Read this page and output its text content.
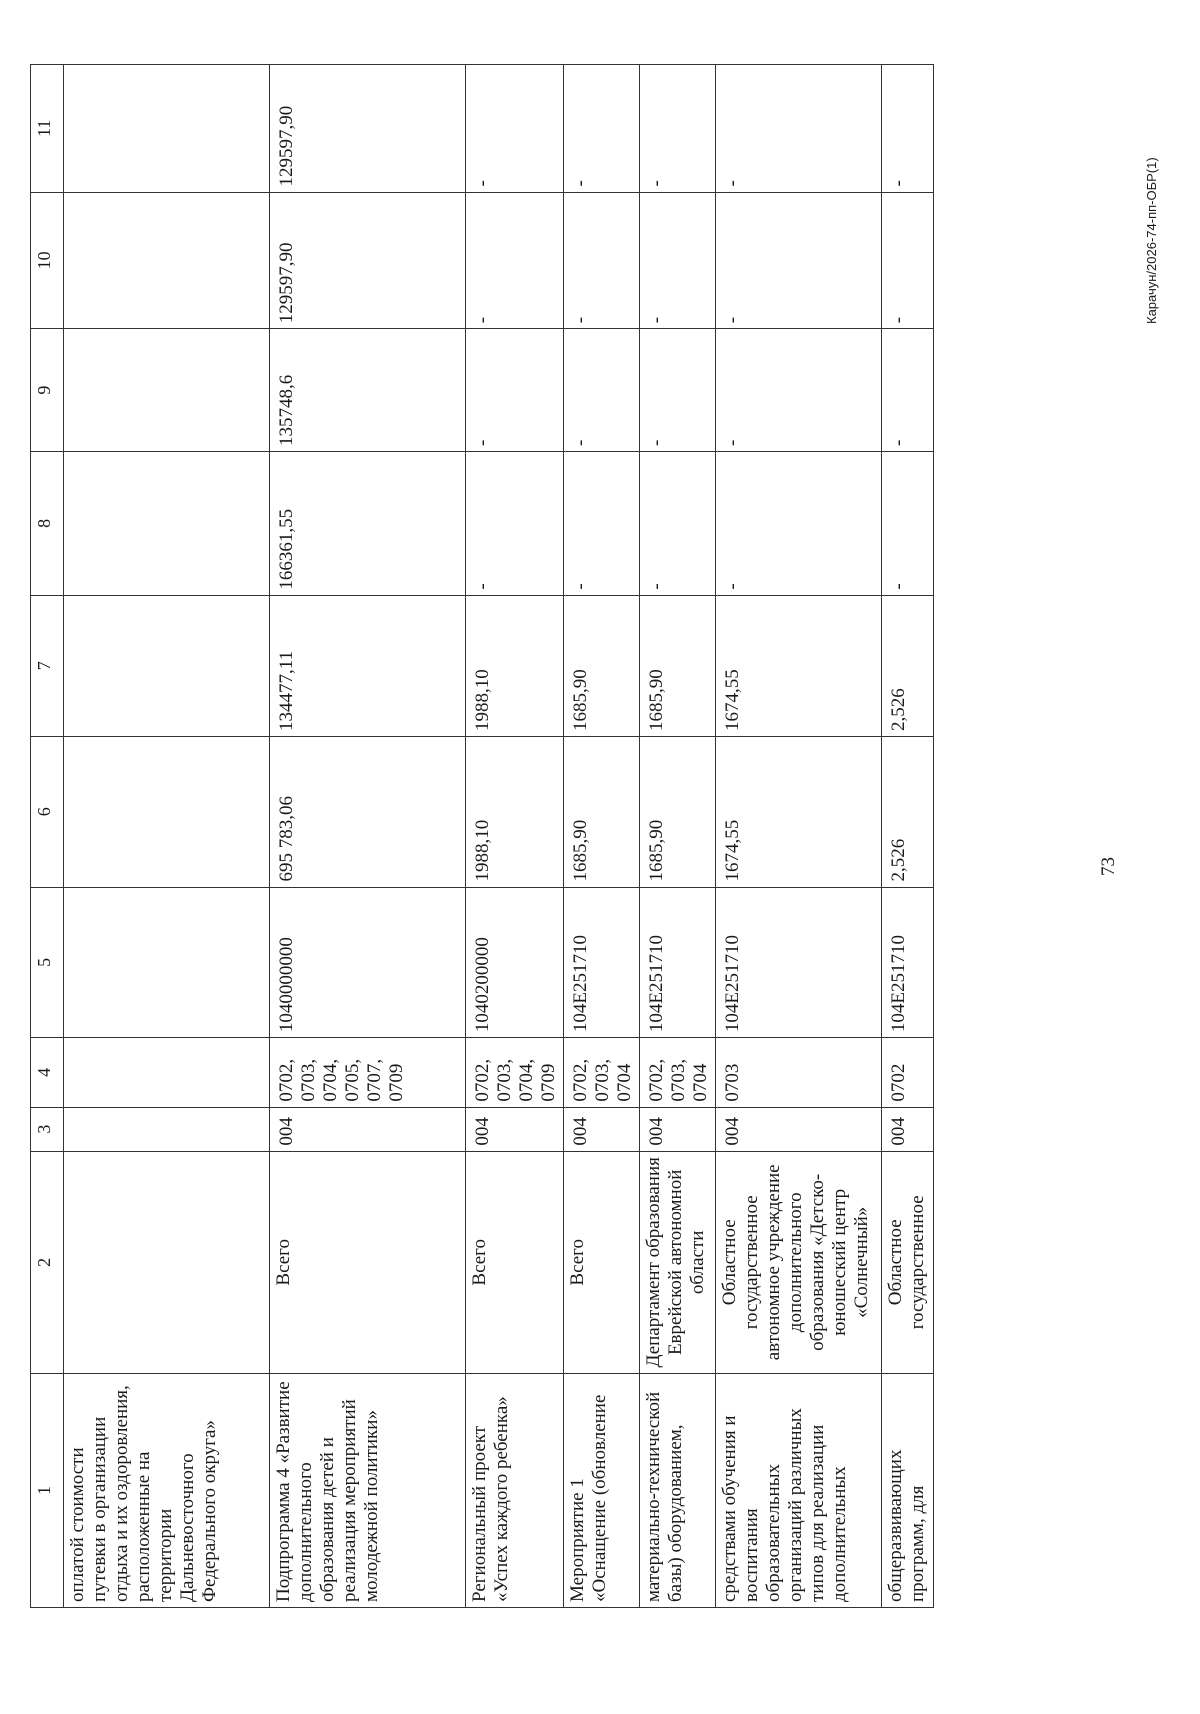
73
1	2	3	4	5	6	7	8	9	10	11
оплатой стоимости путевки в организации отдыха и их оздоровления, расположенные на территории Дальневосточного Федерального округа»										
Подпрограмма 4 «Развитие дополнительного образования детей и реализация мероприятий молодежной политики»	Всего	004	0702, 0703, 0704, 0705, 0707, 0709	1040000000	695 783,06	134477,11	166361,55	135748,6	129597,90	129597,90
Региональный проект «Успех каждого ребенка»	Всего	004	0702, 0703, 0704, 0709	1040200000	1988,10	1988,10	-	-	-	-
Мероприятие 1 «Оснащение (обновление	Всего	004	0702, 0703, 0704	104Е251710	1685,90	1685,90	-	-	-	-
материально-технической базы) оборудованием,	Департамент образования Еврейской автономной области	004	0702, 0703, 0704	104Е251710	1685,90	1685,90	-	-	-	-
средствами обучения и воспитания образовательных организаций различных типов для реализации дополнительных	Областное государственное автономное учреждение дополнительного образования «Детско-юношеский центр «Солнечный»	004	0703	104Е251710	1674,55	1674,55	-	-	-	-
общеразвивающих программ, для	Областное государственное	004	0702	104Е251710	2,526	2,526	-	-	-	-	Карачун/2026-74-пп-ОБР(1)
